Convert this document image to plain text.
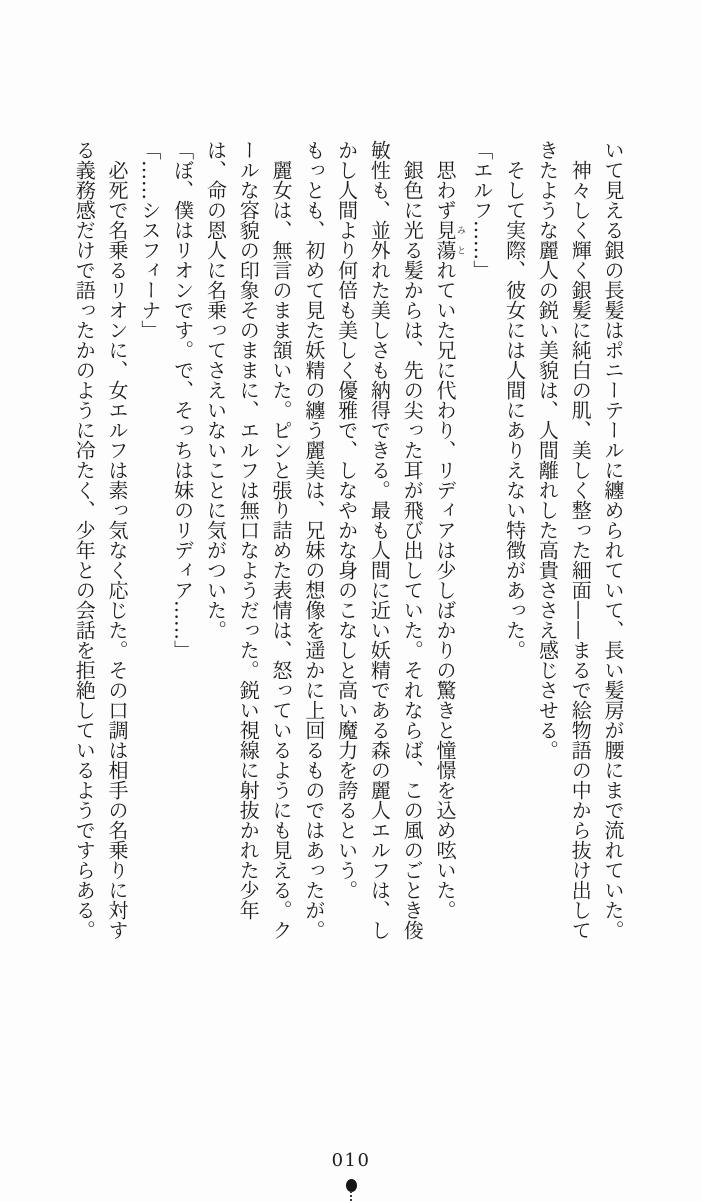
いて見える銀の長髪はポニーテールに纏められていて、長い髪房が腰にまで流れていた。

神々しく輝く銀髪に純白の肌、美しく整った細面——まるで絵物語の中から抜け出してきたような麗人の鋭い美貌は、人間離れした高貴ささえ感じさせる。

そして実際、彼女には人間にありえない特徴があった。

「エルフ……」

思わず見蕩みとれていた兄に代わり、リディアは少しばかりの驚きと憧憬を込め呟いた。

銀色に光る髪からは、先の尖った耳が飛び出していた。それならば、この風のごとき俊敏性も、並外れた美しさも納得できる。最も人間に近い妖精である森の麗人エルフは、しかし人間より何倍も美しく優雅で、しなやかな身のこなしと高い魔力を誇るという。

もっとも、初めて見た妖精の纏う麗美は、兄妹の想像を遥かに上回るものではあったが。

麗女は、無言のまま頷いた。ピンと張り詰めた表情は、怒っているようにも見える。クールな容貌の印象そのままに、エルフは無口なようだった。鋭い視線に射抜かれた少年は、命の恩人に名乗ってさえいないことに気がついた。

「ぼ、僕はリオンです。で、そっちは妹のリディア……」

「……シスフィーナ」

必死で名乗るリオンに、女エルフは素っ気なく応じた。その口調は相手の名乗りに対する義務感だけで語ったかのように冷たく、少年との会話を拒絶しているようですらある。

010
